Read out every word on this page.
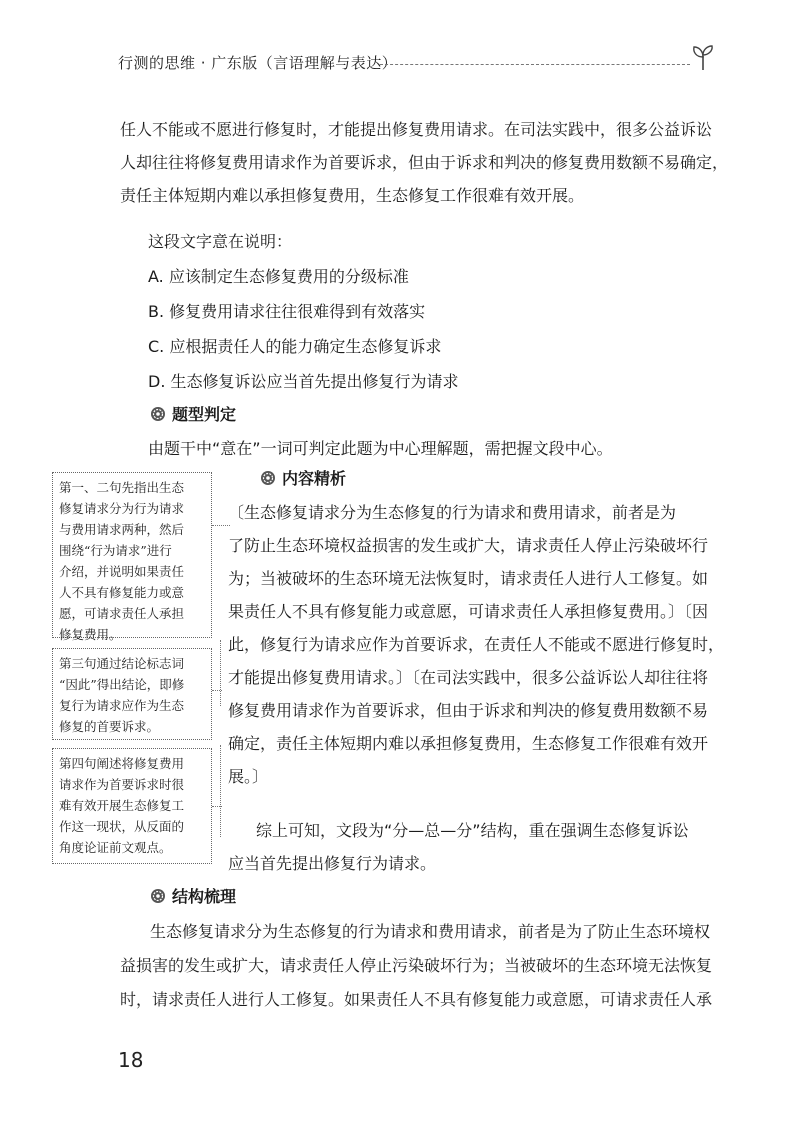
行测的思维 · 广东版（言语理解与表达）
任人不能或不愿进行修复时，才能提出修复费用请求。在司法实践中，很多公益诉讼
人却往往将修复费用请求作为首要诉求，但由于诉求和判决的修复费用数额不易确定，
责任主体短期内难以承担修复费用，生态修复工作很难有效开展。
这段文字意在说明：
A. 应该制定生态修复费用的分级标准
B. 修复费用请求往往很难得到有效落实
C. 应根据责任人的能力确定生态修复诉求
D. 生态修复诉讼应当首先提出修复行为请求
题型判定
由题干中“意在”一词可判定此题为中心理解题，需把握文段中心。
内容精析
〔生态修复请求分为生态修复的行为请求和费用请求，前者是为
了防止生态环境权益损害的发生或扩大，请求责任人停止污染破坏行
为；当被破坏的生态环境无法恢复时，请求责任人进行人工修复。如
果责任人不具有修复能力或意愿，可请求责任人承担修复费用。〕〔因
此，修复行为请求应作为首要诉求，在责任人不能或不愿进行修复时，
才能提出修复费用请求。〕〔在司法实践中，很多公益诉讼人却往往将
修复费用请求作为首要诉求，但由于诉求和判决的修复费用数额不易
确定，责任主体短期内难以承担修复费用，生态修复工作很难有效开
展。〕
综上可知，文段为“分—总—分”结构，重在强调生态修复诉讼
应当首先提出修复行为请求。
第一、二句先指出生态
修复请求分为行为请求
与费用请求两种，然后
围绕“行为请求”进行
介绍，并说明如果责任
人不具有修复能力或意
愿，可请求责任人承担
修复费用。
第三句通过结论标志词
“因此”得出结论，即修
复行为请求应作为生态
修复的首要诉求。
第四句阐述将修复费用
请求作为首要诉求时很
难有效开展生态修复工
作这一现状，从反面的
角度论证前文观点。
结构梳理
生态修复请求分为生态修复的行为请求和费用请求，前者是为了防止生态环境权
益损害的发生或扩大，请求责任人停止污染破坏行为；当被破坏的生态环境无法恢复
时，请求责任人进行人工修复。如果责任人不具有修复能力或意愿，可请求责任人承
18
